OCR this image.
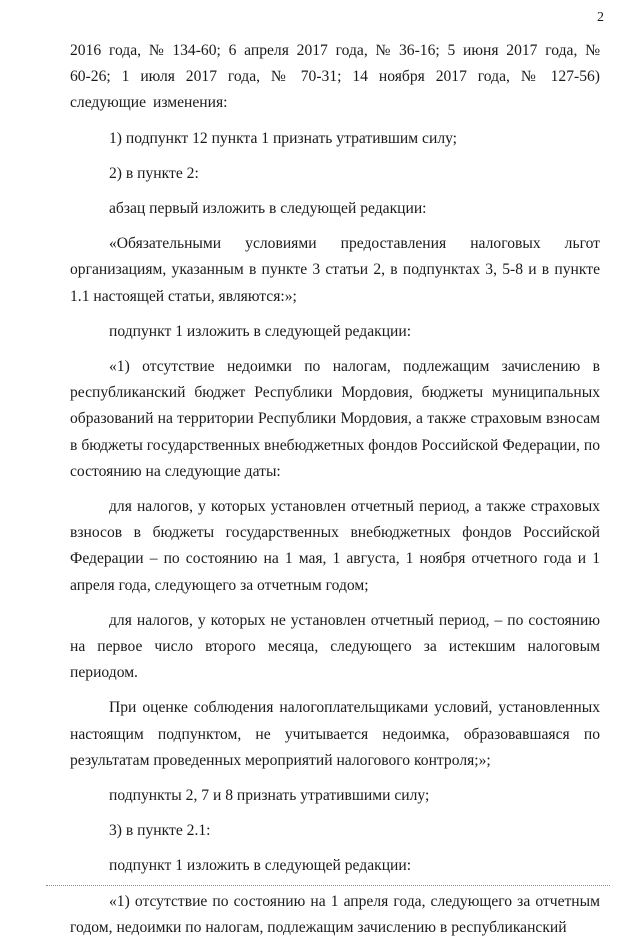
2

2016 года, № 134-60; 6 апреля 2017 года, № 36-16; 5 июня 2017 года, № 60-26; 1 июля 2017 года, № 70-31; 14 ноября 2017 года, № 127-56) следующие изменения:

1) подпункт 12 пункта 1 признать утратившим силу;

2) в пункте 2:

абзац первый изложить в следующей редакции:

«Обязательными условиями предоставления налоговых льгот организациям, указанным в пункте 3 статьи 2, в подпунктах 3, 5-8 и в пункте 1.1 настоящей статьи, являются:»;

подпункт 1 изложить в следующей редакции:

«1) отсутствие недоимки по налогам, подлежащим зачислению в республиканский бюджет Республики Мордовия, бюджеты муниципальных образований на территории Республики Мордовия, а также страховым взносам в бюджеты государственных внебюджетных фондов Российской Федерации, по состоянию на следующие даты:

для налогов, у которых установлен отчетный период, а также страховых взносов в бюджеты государственных внебюджетных фондов Российской Федерации – по состоянию на 1 мая, 1 августа, 1 ноября отчетного года и 1 апреля года, следующего за отчетным годом;

для налогов, у которых не установлен отчетный период, – по состоянию на первое число второго месяца, следующего за истекшим налоговым периодом.

При оценке соблюдения налогоплательщиками условий, установленных настоящим подпунктом, не учитывается недоимка, образовавшаяся по результатам проведенных мероприятий налогового контроля;»;

подпункты 2, 7 и 8 признать утратившими силу;

3) в пункте 2.1:

подпункт 1 изложить в следующей редакции:

«1) отсутствие по состоянию на 1 апреля года, следующего за отчетным годом, недоимки по налогам, подлежащим зачислению в республиканский
